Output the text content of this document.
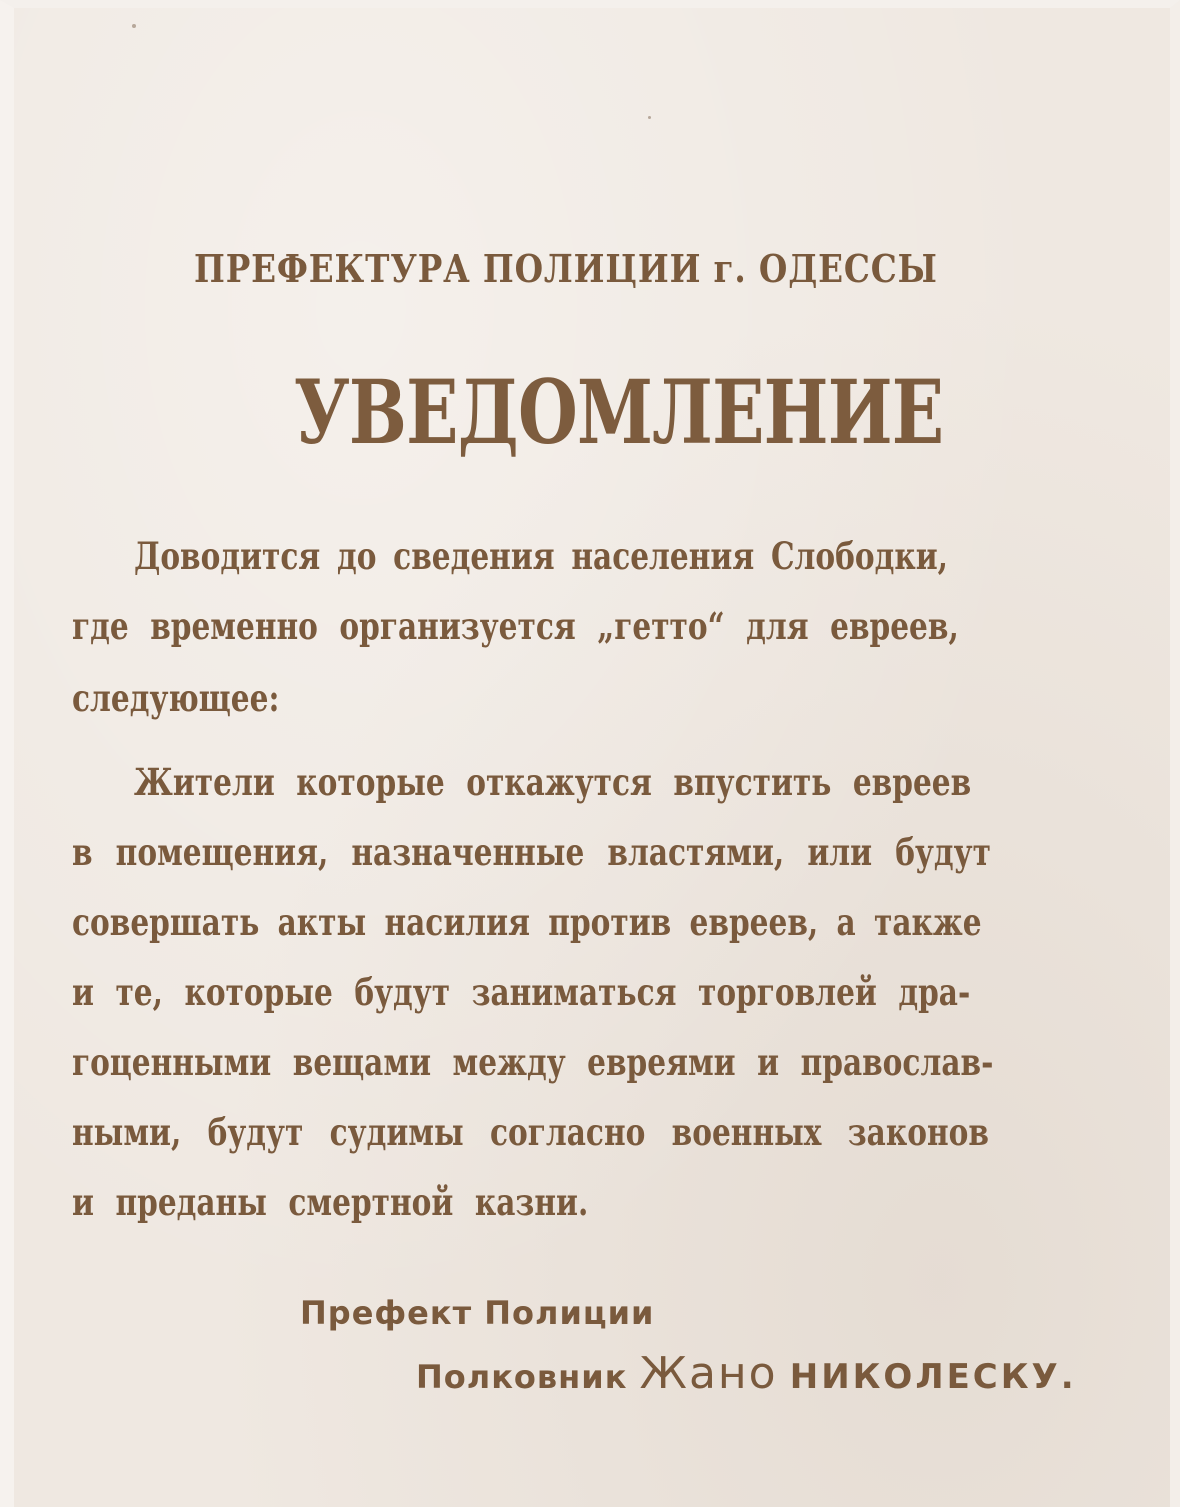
ПРЕФЕКТУРА ПОЛИЦИИ г. ОДЕССЫ
УВЕДОМЛЕНИЕ
Доводится до сведения населения Слободки,
где временно организуется „гетто“ для евреев,
следующее:
Жители которые откажутся впустить евреев
в помещения, назначенные властями, или будут
совершать акты насилия против евреев, а также
и те, которые будут заниматься торговлей дра-
гоценными вещами между евреями и православ-
ными, будут судимы согласно военных законов
и преданы смертной казни.
Префект Полиции
Полковник Жано НИКОЛЕСКУ.
